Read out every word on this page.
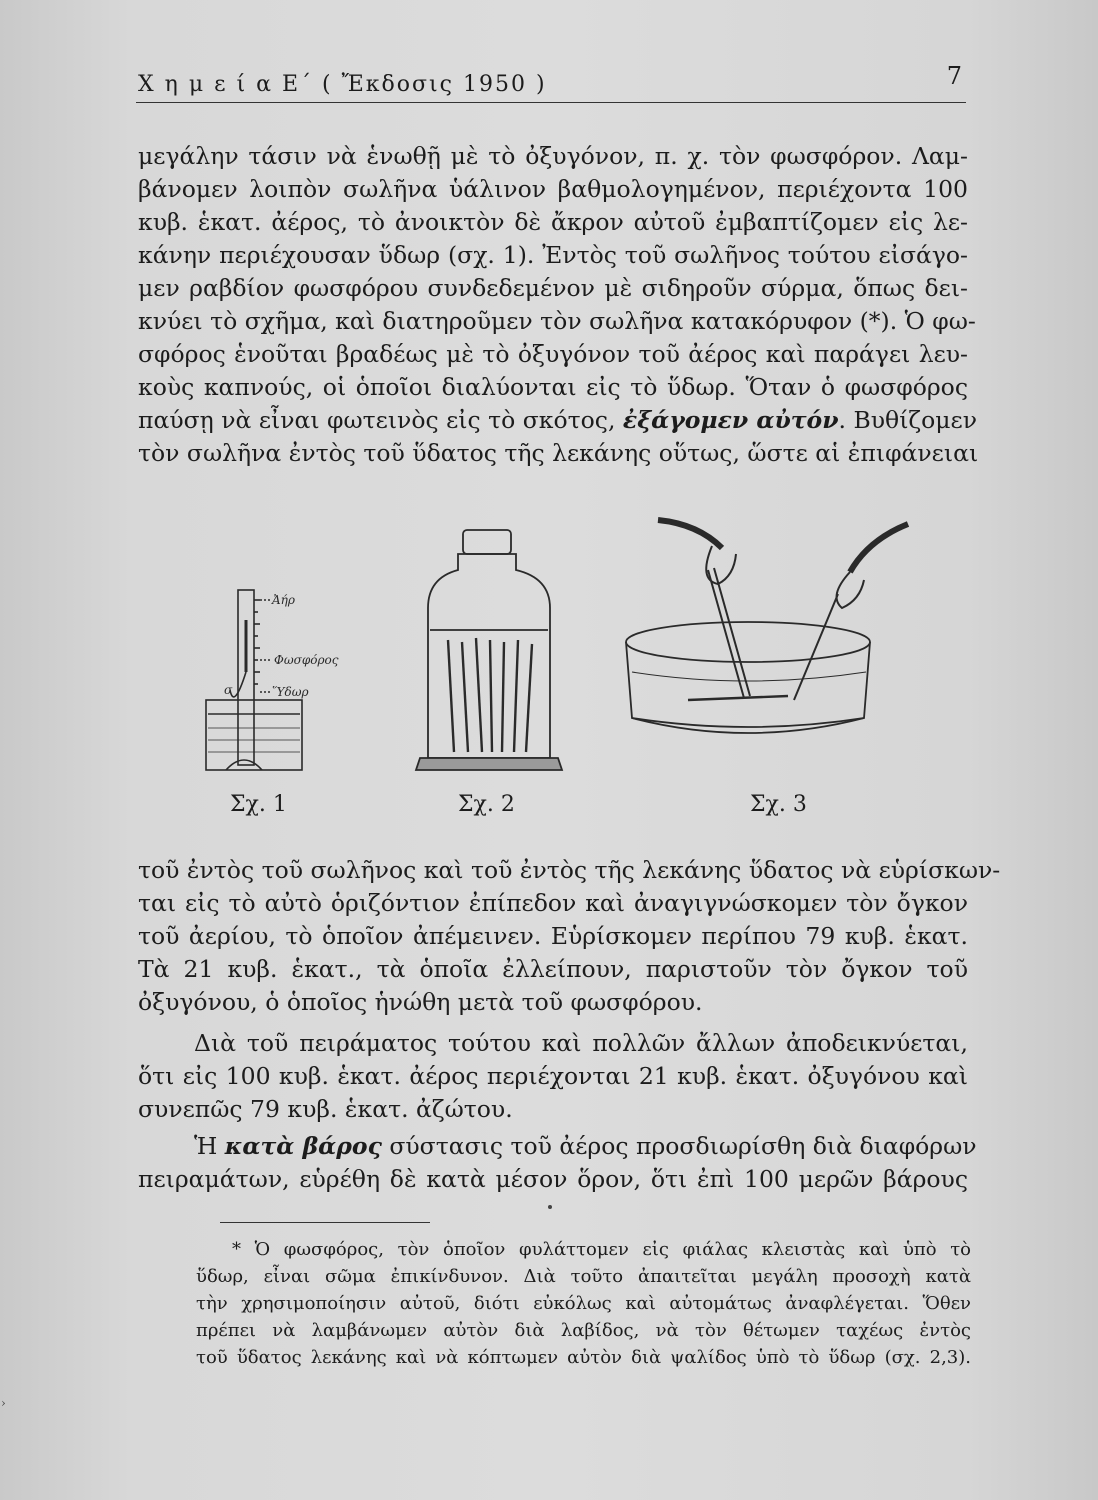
Χ η μ ε ί α Ε΄ ( Ἔκδοσις 1950 )	7
μεγάλην τάσιν νὰ ἑνωθῇ μὲ τὸ ὀξυγόνον, π. χ. τὸν φωσφόρον. Λαμ-
βάνομεν λοιπὸν σωλῆνα ὑάλινον βαθμολογημένον, περιέχοντα 100
κυβ. ἑκατ. ἀέρος, τὸ ἀνοικτὸν δὲ ἄκρον αὐτοῦ ἐμβαπτίζομεν εἰς λε-
κάνην περιέχουσαν ὕδωρ (σχ. 1). Ἐντὸς τοῦ σωλῆνος τούτου εἰσάγο-
μεν ραβδίον φωσφόρου συνδεδεμένον μὲ σιδηροῦν σύρμα, ὅπως δει-
κνύει τὸ σχῆμα, καὶ διατηροῦμεν τὸν σωλῆνα κατακόρυφον (*). Ὁ φω-
σφόρος ἑνοῦται βραδέως μὲ τὸ ὀξυγόνον τοῦ ἀέρος καὶ παράγει λευ-
κοὺς καπνούς, οἱ ὁποῖοι διαλύονται εἰς τὸ ὕδωρ. Ὅταν ὁ φωσφόρος
παύσῃ νὰ εἶναι φωτεινὸς εἰς τὸ σκότος, ἐξάγομεν αὐτόν. Βυθίζομεν
τὸν σωλῆνα ἐντὸς τοῦ ὕδατος τῆς λεκάνης οὕτως, ὥστε αἱ ἐπιφάνειαι
Ἀήρ
Φωσφόρος
Ὕδωρ
σ
Σχ. 1	Σχ. 2	Σχ. 3
τοῦ ἐντὸς τοῦ σωλῆνος καὶ τοῦ ἐντὸς τῆς λεκάνης ὕδατος νὰ εὑρίσκων-
ται εἰς τὸ αὐτὸ ὁριζόντιον ἐπίπεδον καὶ ἀναγιγνώσκομεν τὸν ὄγκον
τοῦ ἀερίου, τὸ ὁποῖον ἀπέμεινεν. Εὑρίσκομεν περίπου 79 κυβ. ἑκατ.
Τὰ 21 κυβ. ἑκατ., τὰ ὁποῖα ἐλλείπουν, παριστοῦν τὸν ὄγκον τοῦ
ὀξυγόνου, ὁ ὁποῖος ἡνώθη μετὰ τοῦ φωσφόρου.
Διὰ τοῦ πειράματος τούτου καὶ πολλῶν ἄλλων ἀποδεικνύεται,
ὅτι εἰς 100 κυβ. ἑκατ. ἀέρος περιέχονται 21 κυβ. ἑκατ. ὀξυγόνου καὶ
συνεπῶς 79 κυβ. ἑκατ. ἀζώτου.
Ἡ κατὰ βάρος σύστασις τοῦ ἀέρος προσδιωρίσθη διὰ διαφόρων
πειραμάτων, εὑρέθη δὲ κατὰ μέσον ὅρον, ὅτι ἐπὶ 100 μερῶν βάρους
* Ὁ φωσφόρος, τὸν ὁποῖον φυλάττομεν εἰς φιάλας κλειστὰς καὶ ὑπὸ τὸ
ὕδωρ, εἶναι σῶμα ἐπικίνδυνον. Διὰ τοῦτο ἀπαιτεῖται μεγάλη προσοχὴ κατὰ
τὴν χρησιμοποίησιν αὐτοῦ, διότι εὐκόλως καὶ αὐτομάτως ἀναφλέγεται. Ὅθεν
πρέπει νὰ λαμβάνωμεν αὐτὸν διὰ λαβίδος, νὰ τὸν θέτωμεν ταχέως ἐντὸς
τοῦ ὕδατος λεκάνης καὶ νὰ κόπτωμεν αὐτὸν διὰ ψαλίδος ὑπὸ τὸ ὕδωρ (σχ. 2,3).
›
